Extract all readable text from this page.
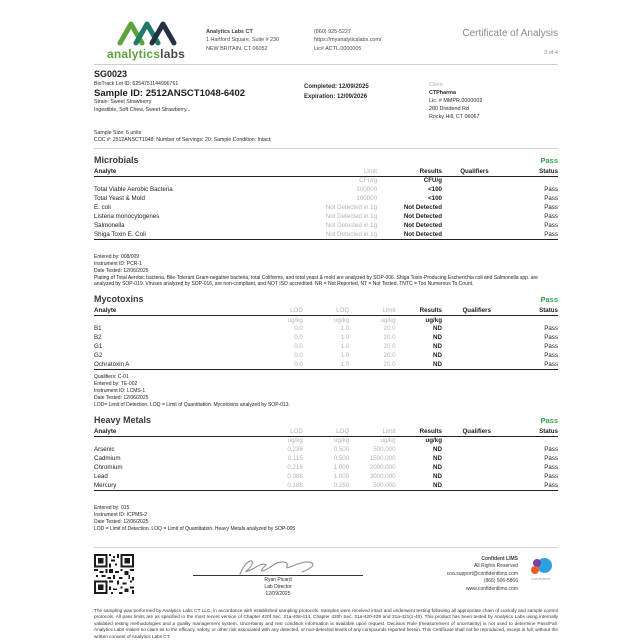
analyticslabs
Analytics Labs CT
1 Hartford Square, Suite # 230
NEW BRITAIN, CT 06052
(860) 925-5227
https://myanalyticslabs.com/
Lic# ACTL.0000005
Certificate of Analysis
3 of 4
SG0023
BioTrack Lot ID: 6254751144996761
Sample ID: 2512ANSCT1048-6402
Strain: Sweet Strawberry
Ingestible, Soft Chew, Sweet Strawberry...
Completed: 12/09/2025
Expiration: 12/09/2026
Client
CTPharma
Lic. # MMPR.0000002
280 Dividend Rd
Rocky Hill, CT 06067
Sample Size: 6 units
COC #: 2512ANSCT1048; Number of Servings: 20; Sample Condition: Intact;
Microbials	Pass
Analyte	Limit	Results	Qualifiers	Status
	CFU/g	CFU/g		
Total Viable Aerobic Bacteria	100000	<100		Pass
Total Yeast & Mold	100000	<100		Pass
E. coli	Not Detected in 1g	Not Detected		Pass
Listeria monocytogenes	Not Detected in 1g	Not Detected		Pass
Salmonella	Not Detected in 1g	Not Detected		Pass
Shiga Toxin E. Coli	Not Detected in 1g	Not Detected		Pass
Entered by: 008/009
Instrument ID: PCR-1
Date Tested: 12/06/2025
Plating of Total Aerobic bacteria, Bile-Tolerant Gram-negative bacteria, total Coliforms, and total yeast & mold are analyzed by SOP-006. Shiga Toxin-Producing Escherichia coli and Salmonella spp. are analyzed by SOP-019. Viruses analyzed by SOP-016, are non-compliant, and NOT ISO accredited. NR = Not Reported, NT = Not Tested, TNTC = Too Numerous To Count.
Mycotoxins	Pass
Analyte	LOD	LOQ	Limit	Results	Qualifiers	Status
	ug/kg	ug/kg	ug/kg	ug/kg		
B1	0.0	1.0	20.0	ND		Pass
B2	0.0	1.0	20.0	ND		Pass
G1	0.0	1.0	20.0	ND		Pass
G2	0.0	1.0	20.0	ND		Pass
Ochratoxin A	0.0	1.0	20.0	ND		Pass
Qualifiers: C-01
Entered by: TE-002
Instrument ID: LCMS-1
Date Tested: 12/06/2025
LOD= Limit of Detection, LOQ = Limit of Quantitation. Mycotoxins analyzed by SOP-013.
Heavy Metals	Pass
Analyte	LOD	LOQ	Limit	Results	Qualifiers	Status
	ug/kg	ug/kg	ug/kg	ug/kg		
Arsenic	0.236	0.500	500.000	ND		Pass
Cadmium	0.115	0.500	1500.000	ND		Pass
Chromium	0.216	1.000	2000.000	ND		Pass
Lead	0.088	1.000	3000.000	ND		Pass
Mercury	0.188	0.250	500.000	ND		Pass
Entered by: 015
Instrument ID: ICPMS-2
Date Tested: 12/06/2025
LOD = Limit of Detection. LOQ = Limit of Quantitation. Heavy Metals analyzed by SOP-005
Ryan Picard
Lab Director
12/09/2025
Confident LIMS
All Rights Reserved
coa.support@confidentlims.com
(866) 506-5866
www.confidentlims.com
confident
The sampling was performed by Analytics Labs CT LLC, in accordance with established sampling protocols. Samples were received intact and underwent testing following all appropriate chain of custody and sample control protocols. All pass limits are as specified in the most recent version of Chapter 420f Sec. 21a-408-414, Chapter 420h Sec. 21a-420-429 and 21a-421(1-40). This product has been tested by Analytics Labs using internally validated testing methodologies and a quality management system. Uncertainty and test condition information is available upon request. Decision Rule (measurement of uncertainty) is not used to determine Pass/Fail. Analytics Labs makes no claim as to the efficacy, safety, or other risk associated with any detected, or non-detected levels of any compounds reported herein. This Certificate shall not be reproduced, except in full, without the written consent of Analytics Labs CT.
